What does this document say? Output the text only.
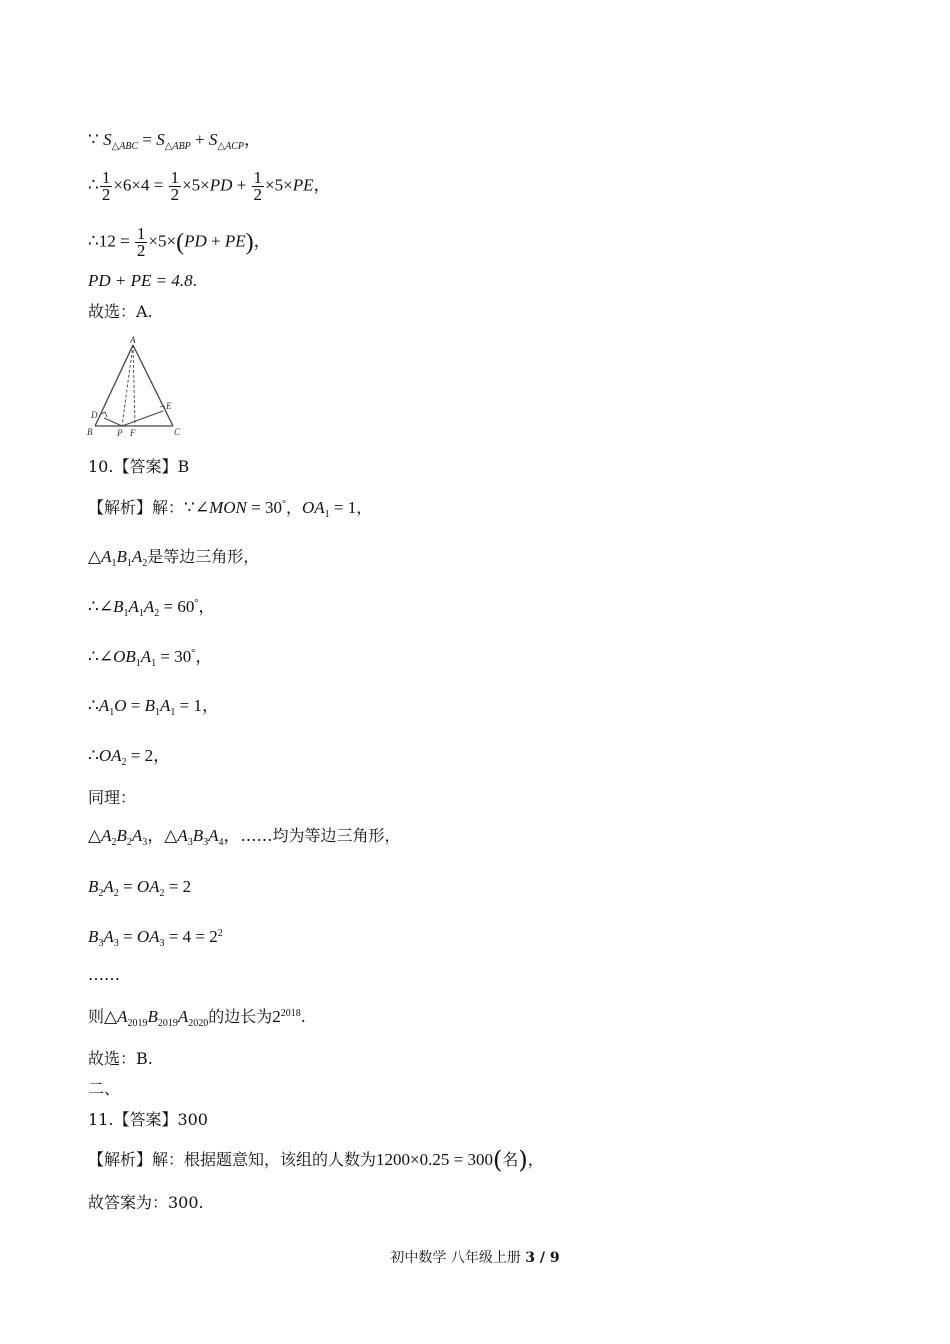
∵ $S_{\triangle ABC} = S_{\triangle ABP} + S_{\triangle ACP}$，
∴ $\frac{1}{2} \times 6\times 4 = \frac{1}{2} \times 5\times PD + \frac{1}{2} \times 5\times PE$，
∴12 = $\frac{1}{2} \times 5\times(PD + PE)$，
PD + PE = 4.8.
故选：A.
A
D
E
B	P F	C
10.【答案】B
【解析】解：∵∠MON = 30°，$OA_1 = 1$，
$\triangle A_1B_1A_2$是等边三角形，
$\therefore\angle B_1A_1A_2 = 60^\circ$，
$\therefore\angle OB_1A_1 = 30^\circ$，
$\therefore A_1O = B_1A_1 = 1$，
$\therefore OA_2 = 2$，
同理：
$\triangle A_2B_2A_3$，$\triangle A_3B_3A_4$，……均为等边三角形，
$B_2A_2 = OA_2 = 2$
$B_3A_3 = OA_3 = 4 = 2^2$
……
则$\triangle A_{2019}B_{2019}A_{2020}$的边长为$2^{2018}$.
故选：B.
二、
11.【答案】300
【解析】解：根据题意知，该组的人数为1200×0.25 = 300(名)，
故答案为：300.
初中数学 八年级上册 3 / 9
